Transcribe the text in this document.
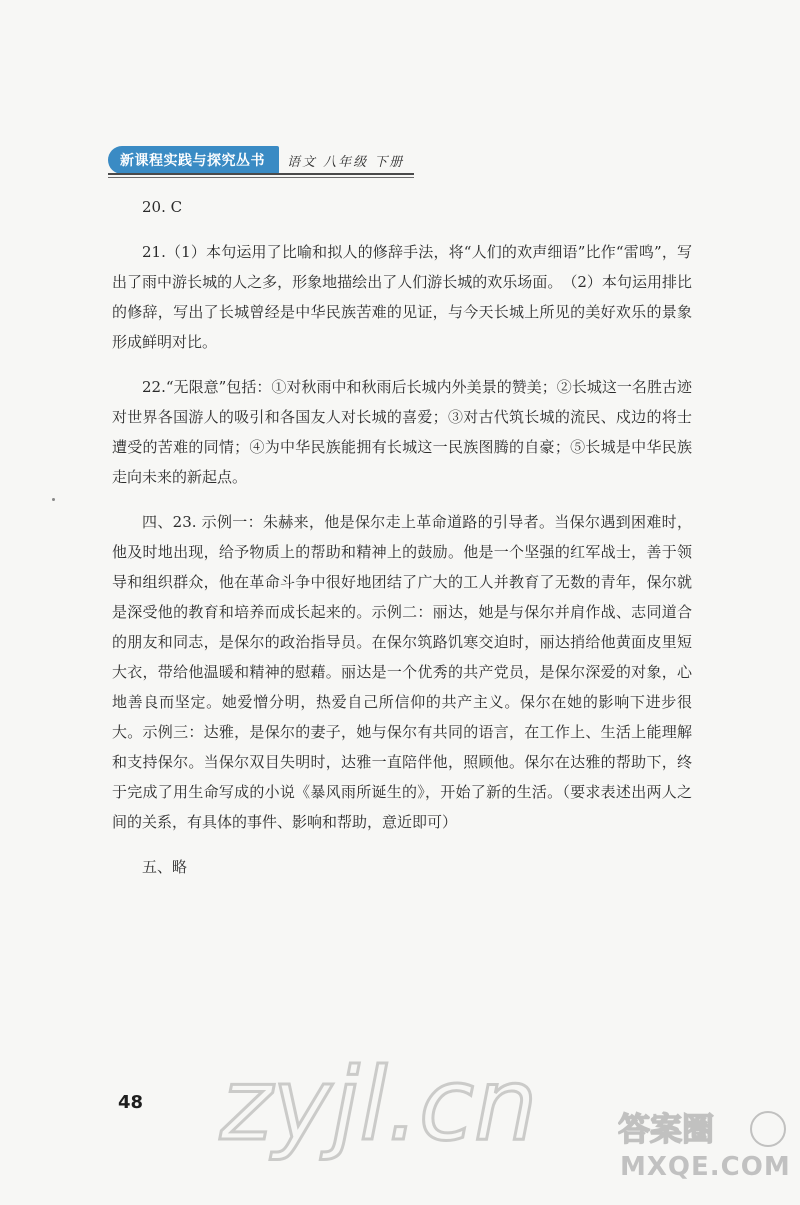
新课程实践与探究丛书	语文 八年级 下册

20. C

21.（1）本句运用了比喻和拟人的修辞手法，将“人们的欢声细语”比作“雷鸣”，写出了雨中游长城的人之多，形象地描绘出了人们游长城的欢乐场面。　（2）本句运用排比的修辞，写出了长城曾经是中华民族苦难的见证，与今天长城上所见的美好欢乐的景象形成鲜明对比。

22.“无限意”包括：①对秋雨中和秋雨后长城内外美景的赞美；②长城这一名胜古迹对世界各国游人的吸引和各国友人对长城的喜爱；③对古代筑长城的流民、戍边的将士遭受的苦难的同情；④为中华民族能拥有长城这一民族图腾的自豪；⑤长城是中华民族走向未来的新起点。

四、23. 示例一：朱赫来，他是保尔走上革命道路的引导者。当保尔遇到困难时，他及时地出现，给予物质上的帮助和精神上的鼓励。他是一个坚强的红军战士，善于领导和组织群众，他在革命斗争中很好地团结了广大的工人并教育了无数的青年，保尔就是深受他的教育和培养而成长起来的。示例二：丽达，她是与保尔并肩作战、志同道合的朋友和同志，是保尔的政治指导员。在保尔筑路饥寒交迫时，丽达捎给他黄面皮里短大衣，带给他温暖和精神的慰藉。丽达是一个优秀的共产党员，是保尔深爱的对象，心地善良而坚定。她爱憎分明，热爱自己所信仰的共产主义。保尔在她的影响下进步很大。示例三：达雅，是保尔的妻子，她与保尔有共同的语言，在工作上、生活上能理解和支持保尔。当保尔双目失明时，达雅一直陪伴他，照顾他。保尔在达雅的帮助下，终于完成了用生命写成的小说《暴风雨所诞生的》，开始了新的生活。（要求表述出两人之间的关系，有具体的事件、影响和帮助，意近即可）

五、略

48 zyjl.cn	答案圈
MXQE.COM
